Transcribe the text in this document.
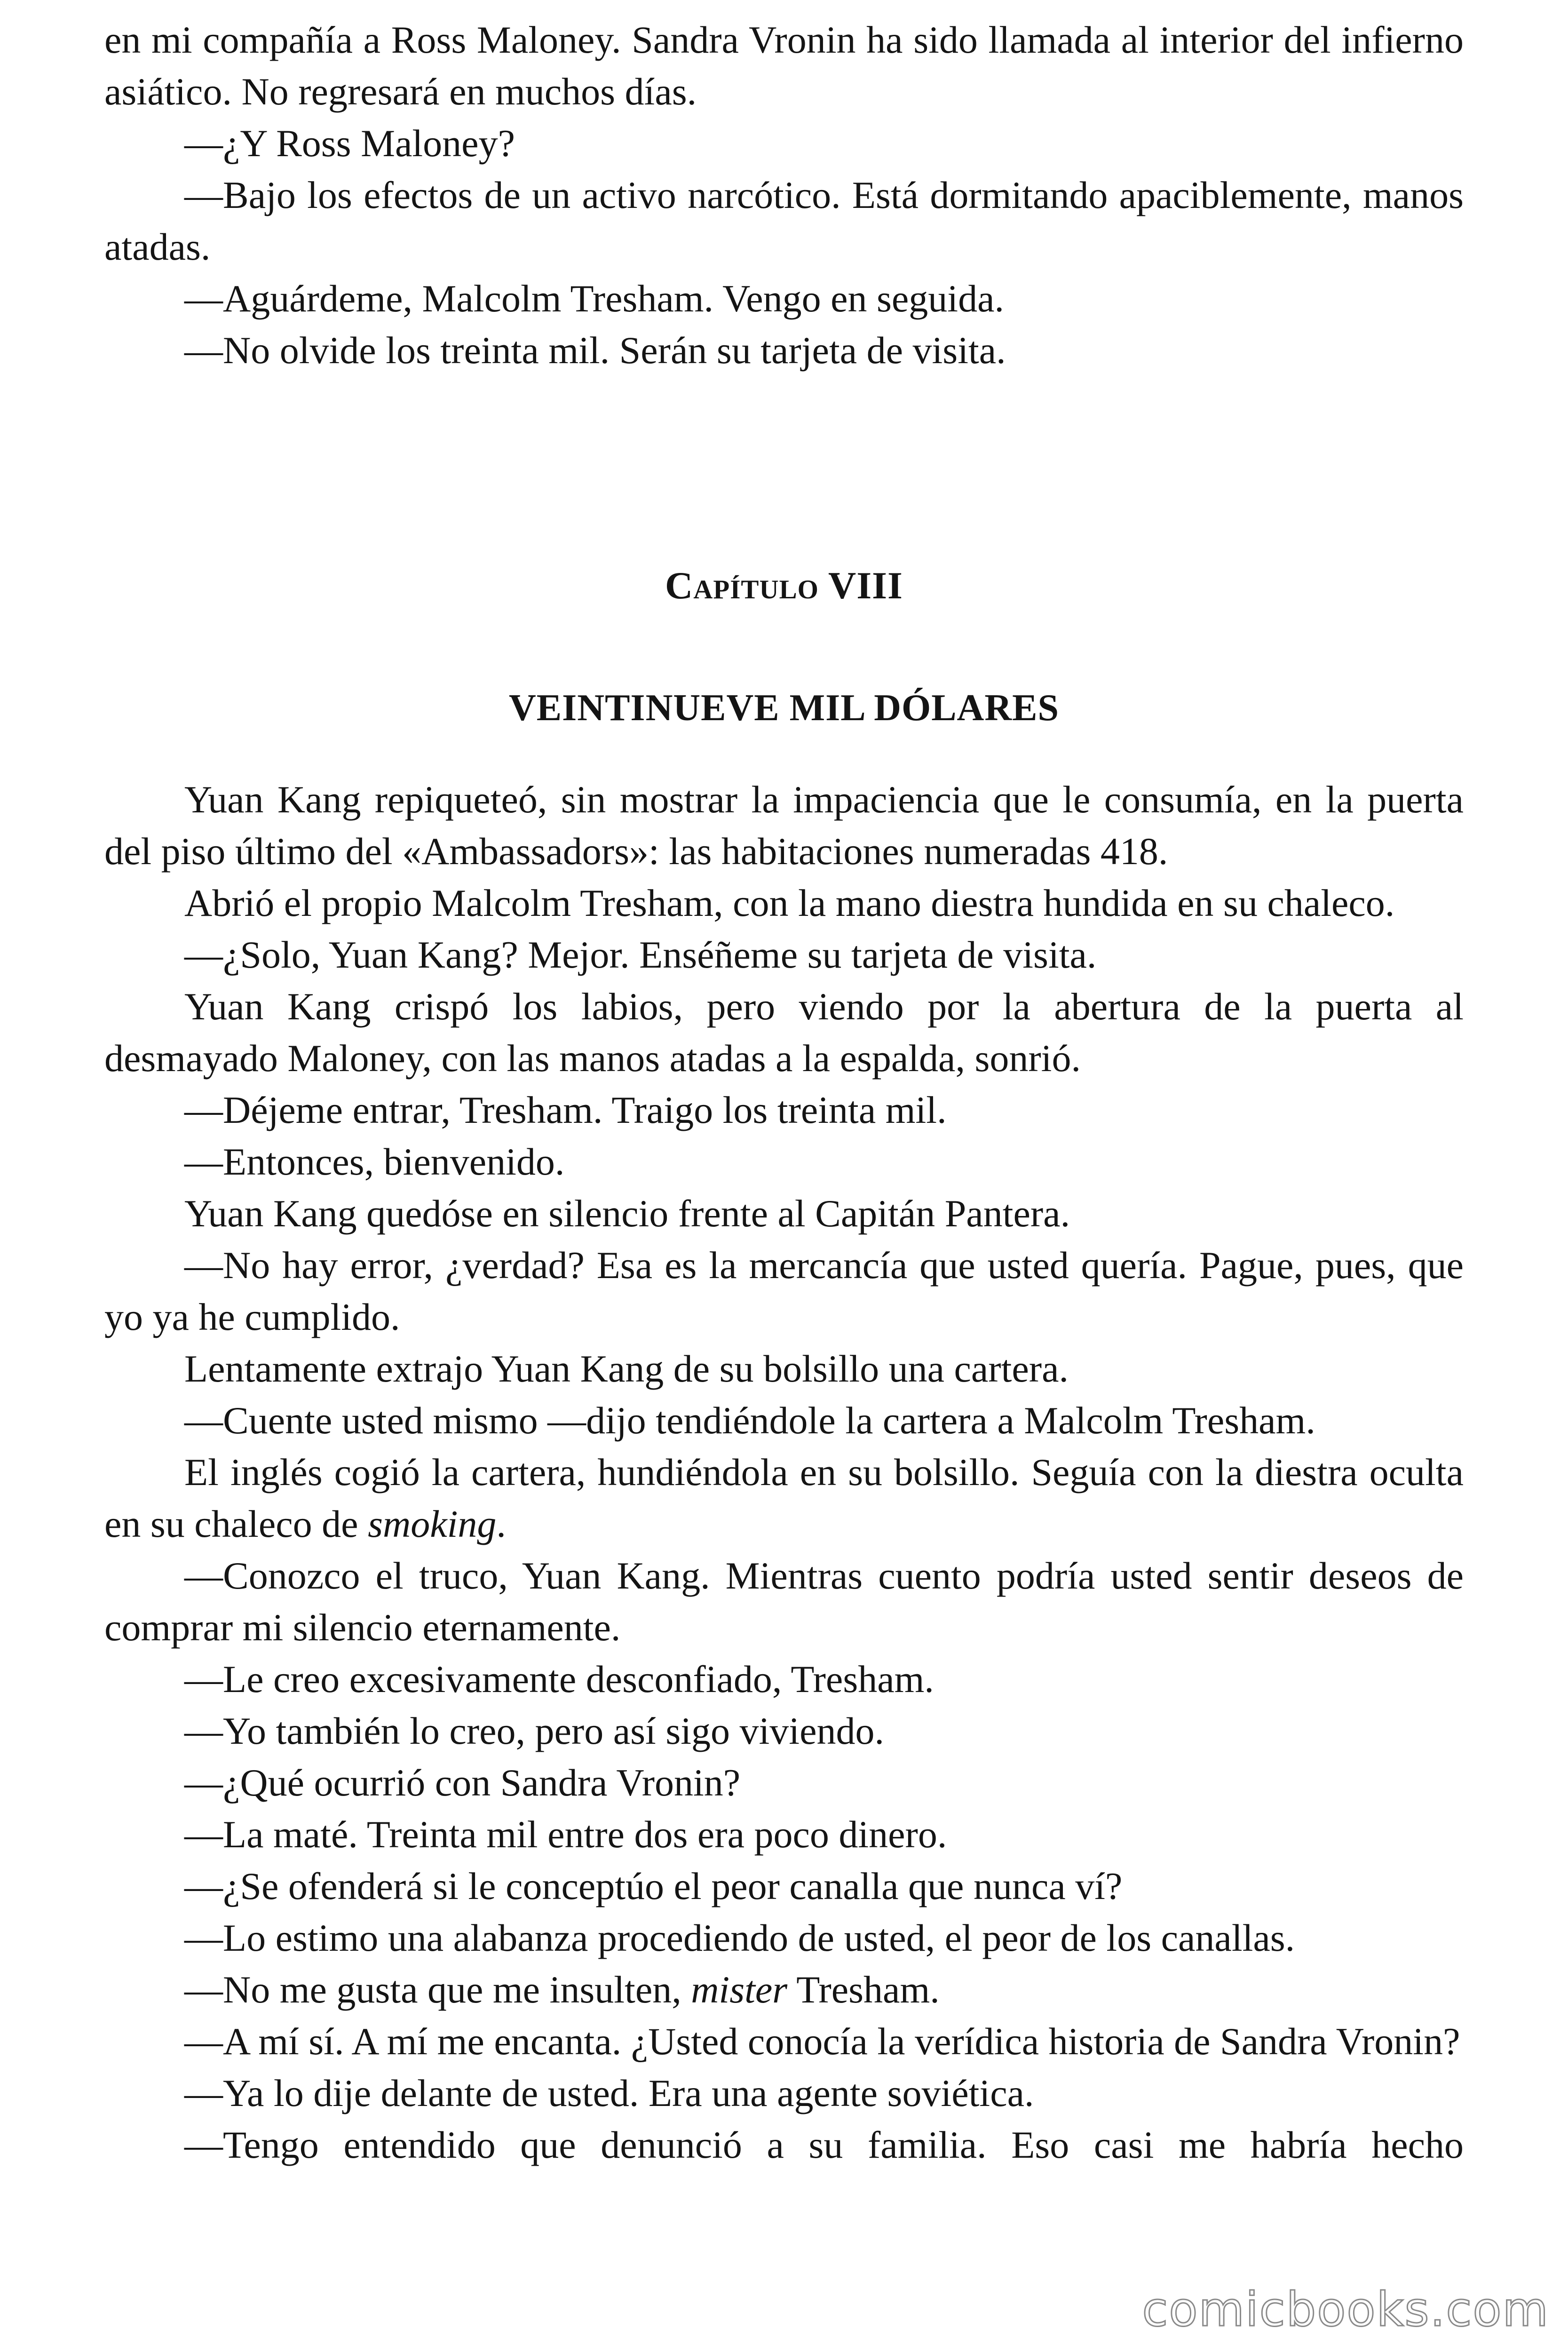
en mi compañía a Ross Maloney. Sandra Vronin ha sido llamada al interior del infierno asiático. No regresará en muchos días.

—¿Y Ross Maloney?

—Bajo los efectos de un activo narcótico. Está dormitando apaciblemente, manos atadas.

—Aguárdeme, Malcolm Tresham. Vengo en seguida.

—No olvide los treinta mil. Serán su tarjeta de visita.

Capítulo VIII
VEINTINUEVE MIL DÓLARES

Yuan Kang repiqueteó, sin mostrar la impaciencia que le consumía, en la puerta del piso último del «Ambassadors»: las habitaciones numeradas 418.

Abrió el propio Malcolm Tresham, con la mano diestra hundida en su chaleco.

—¿Solo, Yuan Kang? Mejor. Enséñeme su tarjeta de visita.

Yuan Kang crispó los labios, pero viendo por la abertura de la puerta al desmayado Maloney, con las manos atadas a la espalda, sonrió.

—Déjeme entrar, Tresham. Traigo los treinta mil.

—Entonces, bienvenido.

Yuan Kang quedóse en silencio frente al Capitán Pantera.

—No hay error, ¿verdad? Esa es la mercancía que usted quería. Pague, pues, que yo ya he cumplido.

Lentamente extrajo Yuan Kang de su bolsillo una cartera.

—Cuente usted mismo —dijo tendiéndole la cartera a Malcolm Tresham.

El inglés cogió la cartera, hundiéndola en su bolsillo. Seguía con la diestra oculta en su chaleco de smoking.

—Conozco el truco, Yuan Kang. Mientras cuento podría usted sentir deseos de comprar mi silencio eternamente.

—Le creo excesivamente desconfiado, Tresham.

—Yo también lo creo, pero así sigo viviendo.

—¿Qué ocurrió con Sandra Vronin?

—La maté. Treinta mil entre dos era poco dinero.

—¿Se ofenderá si le conceptúo el peor canalla que nunca ví?

—Lo estimo una alabanza procediendo de usted, el peor de los canallas.

—No me gusta que me insulten, mister Tresham.

—A mí sí. A mí me encanta. ¿Usted conocía la verídica historia de Sandra Vronin?

—Ya lo dije delante de usted. Era una agente soviética.

—Tengo entendido que denunció a su familia. Eso casi me habría hecho

comicbooks.com
